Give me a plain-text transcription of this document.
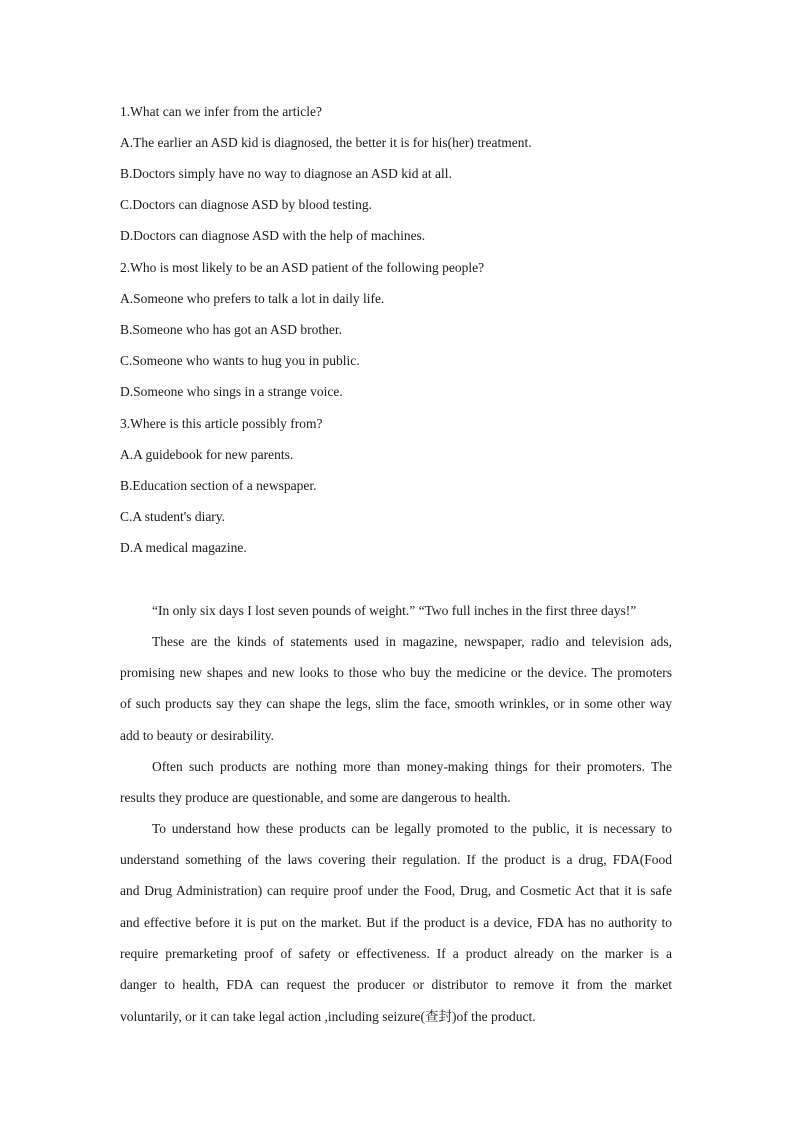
1.What can we infer from the article?
A.The earlier an ASD kid is diagnosed, the better it is for his(her) treatment.
B.Doctors simply have no way to diagnose an ASD kid at all.
C.Doctors can diagnose ASD by blood testing.
D.Doctors can diagnose ASD with the help of machines.
2.Who is most likely to be an ASD patient of the following people?
A.Someone who prefers to talk a lot in daily life.
B.Someone who has got an ASD brother.
C.Someone who wants to hug you in public.
D.Someone who sings in a strange voice.
3.Where is this article possibly from?
A.A guidebook for new parents.
B.Education section of a newspaper.
C.A student's diary.
D.A medical magazine.
“In only six days I lost seven pounds of weight.” “Two full inches in the first three days!”
These are the kinds of statements used in magazine, newspaper, radio and television ads,
promising new shapes and new looks to those who buy the medicine or the device. The promoters
of such products say they can shape the legs, slim the face, smooth wrinkles, or in some other way
add to beauty or desirability.
Often such products are nothing more than money-making things for their promoters. The
results they produce are questionable, and some are dangerous to health.
To understand how these products can be legally promoted to the public, it is necessary to
understand something of the laws covering their regulation. If the product is a drug, FDA(Food
and Drug Administration) can require proof under the Food, Drug, and Cosmetic Act that it is safe
and effective before it is put on the market. But if the product is a device, FDA has no authority to
require premarketing proof of safety or effectiveness. If a product already on the marker is a
danger to health, FDA can request the producer or distributor to remove it from the market
voluntarily, or it can take legal action ,including seizure(查封)of the product.
